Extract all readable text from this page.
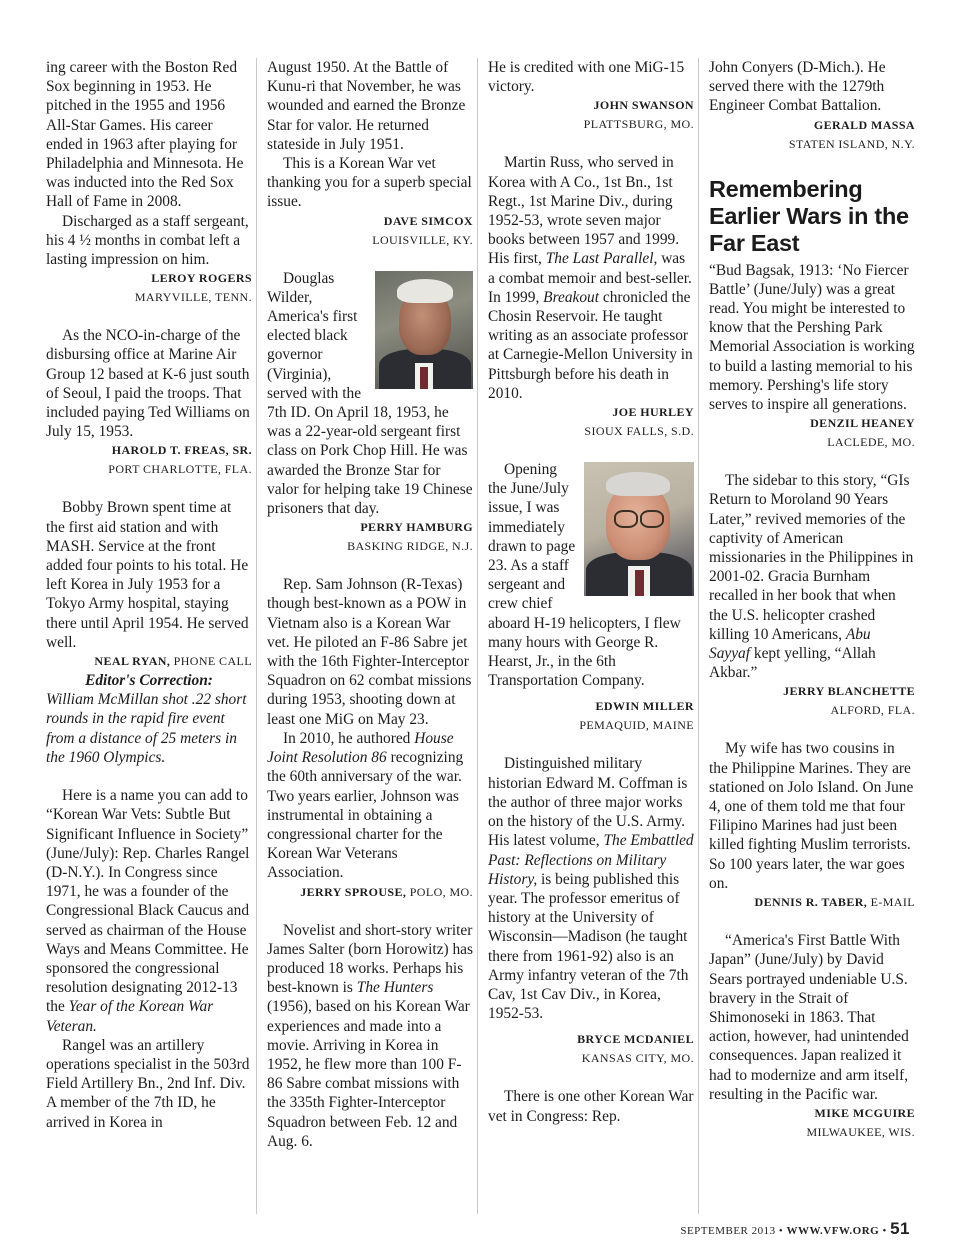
ing career with the Boston Red Sox beginning in 1953. He pitched in the 1955 and 1956 All-Star Games. His career ended in 1963 after playing for Philadelphia and Minnesota. He was inducted into the Red Sox Hall of Fame in 2008.

Discharged as a staff sergeant, his 4 ½ months in combat left a lasting impression on him.

LEROY ROGERS
MARYVILLE, TENN.

As the NCO-in-charge of the disbursing office at Marine Air Group 12 based at K-6 just south of Seoul, I paid the troops. That included paying Ted Williams on July 15, 1953.

HAROLD T. FREAS, SR.
PORT CHARLOTTE, FLA.

Bobby Brown spent time at the first aid station and with MASH. Service at the front added four points to his total. He left Korea in July 1953 for a Tokyo Army hospital, staying there until April 1954. He served well.

NEAL RYAN, PHONE CALL
Editor's Correction:

William McMillan shot .22 short rounds in the rapid fire event from a distance of 25 meters in the 1960 Olympics.

Here is a name you can add to “Korean War Vets: Subtle But Significant Influence in Society” (June/July): Rep. Charles Rangel (D-N.Y.). In Congress since 1971, he was a founder of the Congressional Black Caucus and served as chairman of the House Ways and Means Committee. He sponsored the congressional resolution designating 2012-13 the Year of the Korean War Veteran.

Rangel was an artillery operations specialist in the 503rd Field Artillery Bn., 2nd Inf. Div. A member of the 7th ID, he arrived in Korea in

August 1950. At the Battle of Kunu-ri that November, he was wounded and earned the Bronze Star for valor. He returned stateside in July 1951.

This is a Korean War vet thanking you for a superb special issue.

DAVE SIMCOX
LOUISVILLE, KY.

Douglas Wilder, America's first elected black governor (Virginia), served with the 7th ID. On April 18, 1953, he was a 22-year-old sergeant first class on Pork Chop Hill. He was awarded the Bronze Star for valor for helping take 19 Chinese prisoners that day.

PERRY HAMBURG
BASKING RIDGE, N.J.

Rep. Sam Johnson (R-Texas) though best-known as a POW in Vietnam also is a Korean War vet. He piloted an F-86 Sabre jet with the 16th Fighter-Interceptor Squadron on 62 combat missions during 1953, shooting down at least one MiG on May 23.

In 2010, he authored House Joint Resolution 86 recognizing the 60th anniversary of the war. Two years earlier, Johnson was instrumental in obtaining a congressional charter for the Korean War Veterans Association.

JERRY SPROUSE, POLO, MO.

Novelist and short-story writer James Salter (born Horowitz) has produced 18 works. Perhaps his best-known is The Hunters (1956), based on his Korean War experiences and made into a movie. Arriving in Korea in 1952, he flew more than 100 F-86 Sabre combat missions with the 335th Fighter-Interceptor Squadron between Feb. 12 and Aug. 6.

He is credited with one MiG-15 victory.

JOHN SWANSON
PLATTSBURG, MO.

Martin Russ, who served in Korea with A Co., 1st Bn., 1st Regt., 1st Marine Div., during 1952-53, wrote seven major books between 1957 and 1999. His first, The Last Parallel, was a combat memoir and best-seller. In 1999, Breakout chronicled the Chosin Reservoir. He taught writing as an associate professor at Carnegie-Mellon University in Pittsburgh before his death in 2010.

JOE HURLEY
SIOUX FALLS, S.D.

Opening the June/July issue, I was immediately drawn to page 23. As a staff sergeant and crew chief aboard H-19 helicopters, I flew many hours with George R. Hearst, Jr., in the 6th Transportation Company.

EDWIN MILLER
PEMAQUID, MAINE

Distinguished military historian Edward M. Coffman is the author of three major works on the history of the U.S. Army. His latest volume, The Embattled Past: Reflections on Military History, is being published this year. The professor emeritus of history at the University of Wisconsin—Madison (he taught there from 1961-92) also is an Army infantry veteran of the 7th Cav, 1st Cav Div., in Korea, 1952-53.

BRYCE MCDANIEL
KANSAS CITY, MO.

There is one other Korean War vet in Congress: Rep.

John Conyers (D-Mich.). He served there with the 1279th Engineer Combat Battalion.

GERALD MASSA
STATEN ISLAND, N.Y.
Remembering Earlier Wars in the Far East

“Bud Bagsak, 1913: ‘No Fiercer Battle’ (June/July) was a great read. You might be interested to know that the Pershing Park Memorial Association is working to build a lasting memorial to his memory. Pershing's life story serves to inspire all generations.

DENZIL HEANEY
LACLEDE, MO.

The sidebar to this story, “GIs Return to Moroland 90 Years Later,” revived memories of the captivity of American missionaries in the Philippines in 2001-02. Gracia Burnham recalled in her book that when the U.S. helicopter crashed killing 10 Americans, Abu Sayyaf kept yelling, “Allah Akbar.”

JERRY BLANCHETTE
ALFORD, FLA.

My wife has two cousins in the Philippine Marines. They are stationed on Jolo Island. On June 4, one of them told me that four Filipino Marines had just been killed fighting Muslim terrorists. So 100 years later, the war goes on.

DENNIS R. TABER, E-MAIL

“America's First Battle With Japan” (June/July) by David Sears portrayed undeniable U.S. bravery in the Strait of Shimonoseki in 1863. That action, however, had unintended consequences. Japan realized it had to modernize and arm itself, resulting in the Pacific war.

MIKE MCGUIRE
MILWAUKEE, WIS.
SEPTEMBER 2013 • WWW.VFW.ORG • 51
